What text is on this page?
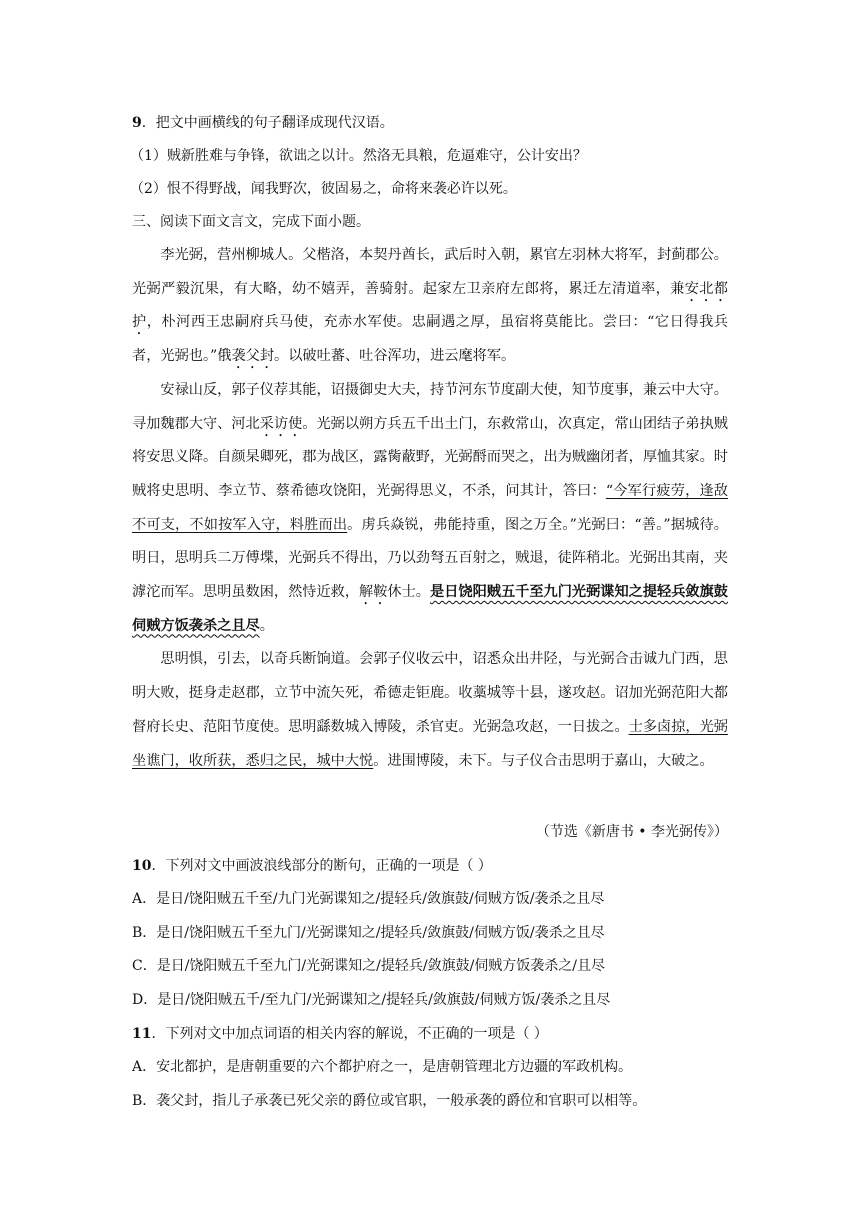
9．把文中画横线的句子翻译成现代汉语。
（1）贼新胜难与争锋，欲诎之以计。然洛无具粮，危逼难守，公计安出？
（2）恨不得野战，闻我野次，彼固易之，命将来袭必许以死。
三、阅读下面文言文，完成下面小题。

李光弼，营州柳城人。父楷洛，本契丹酋长，武后时入朝，累官左羽林大将军，封蓟郡公。光弼严毅沉果，有大略，幼不嬉弄，善骑射。起家左卫亲府左郎将，累迁左清道率，兼安北都护，朴河西王忠嗣府兵马使，充赤水军使。忠嗣遇之厚，虽宿将莫能比。尝曰：“它日得我兵者，光弼也。”俄袭父封。以破吐蕃、吐谷浑功，进云麾将军。

安禄山反，郭子仪荐其能，诏摄御史大夫，持节河东节度副大使，知节度事，兼云中大守。寻加魏郡大守、河北采访使。光弼以朔方兵五千出土门，东救常山，次真定，常山团结子弟执贼将安思义降。自颜杲卿死，郡为战区，露胔蔽野，光弼酹而哭之，出为贼幽闭者，厚恤其家。时贼将史思明、李立节、蔡希德攻饶阳，光弼得思义，不杀，问其计，答曰：“今军行疲劳，逢敌不可支，不如按军入守，料胜而出。虏兵焱锐，弗能持重，图之万全。”光弼曰：“善。”据城待。明日，思明兵二万傅堞，光弼兵不得出，乃以劲弩五百射之，贼退，徒阵稍北。光弼出其南，夹滹沱而军。思明虽数困，然恃近救，解鞍休士。是日饶阳贼五千至九门光弼谍知之提轻兵敛旗鼓伺贼方饭袭杀之且尽。

思明惧，引去，以奇兵断饷道。会郭子仪收云中，诏悉众出井陉，与光弼合击诚九门西，思明大败，挺身走赵郡，立节中流矢死，希德走钜鹿。收藁城等十县，遂攻赵。诏加光弼范阳大都督府长史、范阳节度使。思明繇数城入博陵，杀官吏。光弼急攻赵，一日拔之。士多卤掠，光弼坐谯门，收所获，悉归之民，城中大悦。进围博陵，未下。与子仪合击思明于嘉山，大破之。

（节选《新唐书 • 李光弼传》）
10．下列对文中画波浪线部分的断句，正确的一项是（ ）
A．是日/饶阳贼五千至/九门光弼谍知之/提轻兵/敛旗鼓/伺贼方饭/袭杀之且尽
B．是日/饶阳贼五千至九门/光弼谍知之/提轻兵/敛旗鼓/伺贼方饭/袭杀之且尽
C．是日/饶阳贼五千至九门/光弼谍知之/提轻兵/敛旗鼓/伺贼方饭袭杀之/且尽
D．是日/饶阳贼五千/至九门/光弼谍知之/提轻兵/敛旗鼓/伺贼方饭/袭杀之且尽
11．下列对文中加点词语的相关内容的解说，不正确的一项是（ ）
A．安北都护，是唐朝重要的六个都护府之一，是唐朝管理北方边疆的军政机构。
B．袭父封，指儿子承袭已死父亲的爵位或官职，一般承袭的爵位和官职可以相等。
